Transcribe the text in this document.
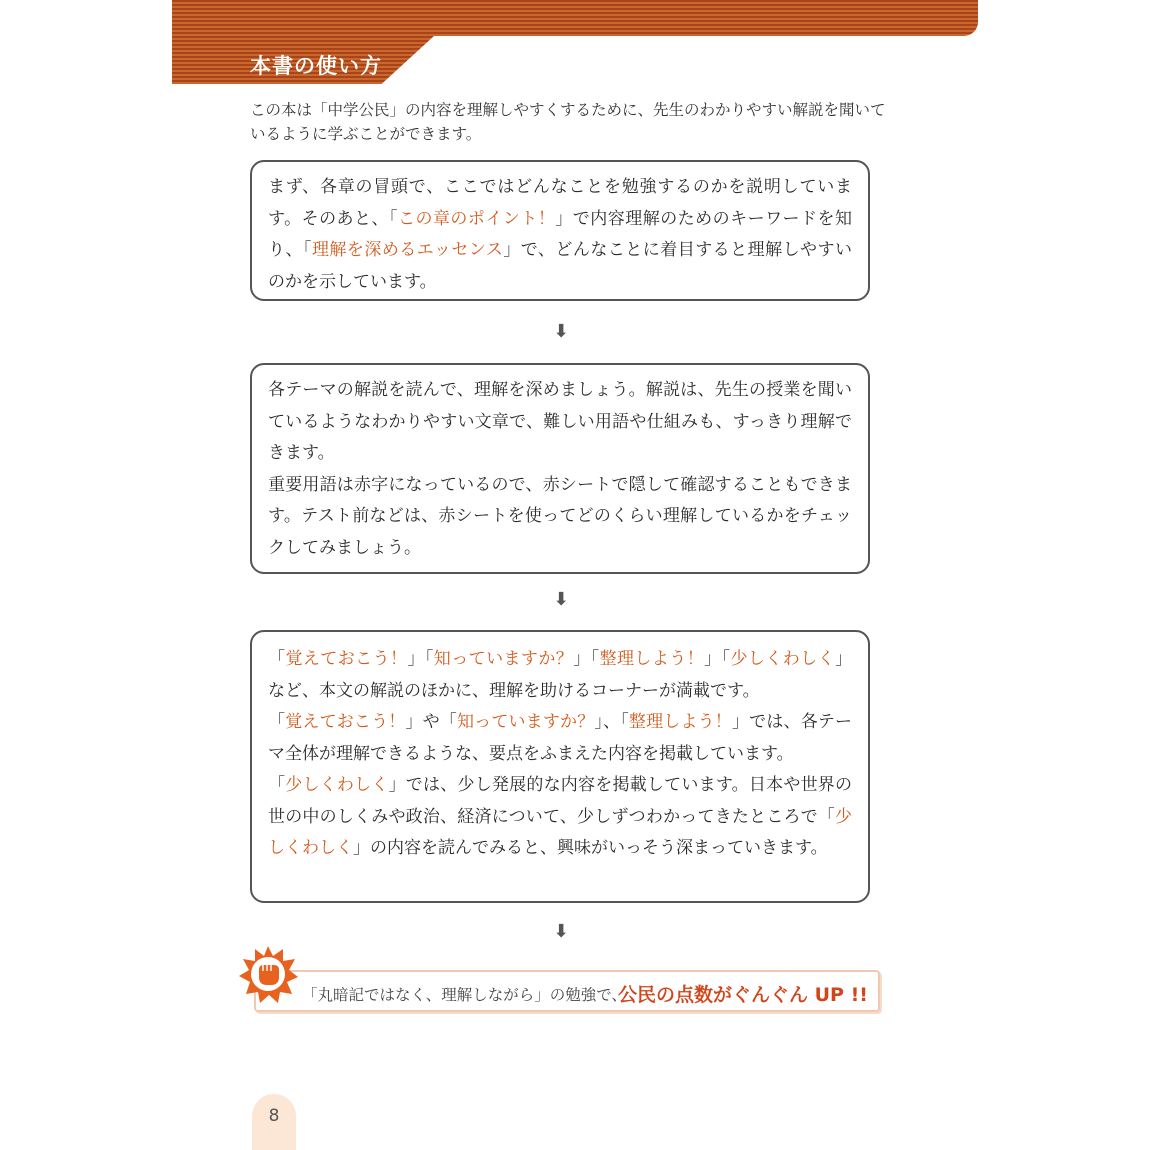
本書の使い方
この本は「中学公民」の内容を理解しやすくするために、先生のわかりやすい解説を聞いているように学ぶことができます。

まず、各章の冒頭で、ここではどんなことを勉強するのかを説明しています。そのあと、「この章のポイント！」で内容理解のためのキーワードを知り、「理解を深めるエッセンス」で、どんなことに着目すると理解しやすいのかを示しています。

⬇

各テーマの解説を読んで、理解を深めましょう。解説は、先生の授業を聞いているようなわかりやすい文章で、難しい用語や仕組みも、すっきり理解できます。

重要用語は赤字になっているので、赤シートで隠して確認することもできます。テスト前などは、赤シートを使ってどのくらい理解しているかをチェックしてみましょう。

⬇

「覚えておこう！」「知っていますか？」「整理しよう！」「少しくわしく」など、本文の解説のほかに、理解を助けるコーナーが満載です。

「覚えておこう！」や「知っていますか？」、「整理しよう！」では、各テーマ全体が理解できるような、要点をふまえた内容を掲載しています。

「少しくわしく」では、少し発展的な内容を掲載しています。日本や世界の世の中のしくみや政治、経済について、少しずつわかってきたところで「少しくわしく」の内容を読んでみると、興味がいっそう深まっていきます。

⬇
「丸暗記ではなく、理解しながら」の勉強で、
公民の点数がぐんぐん UP !!
8
